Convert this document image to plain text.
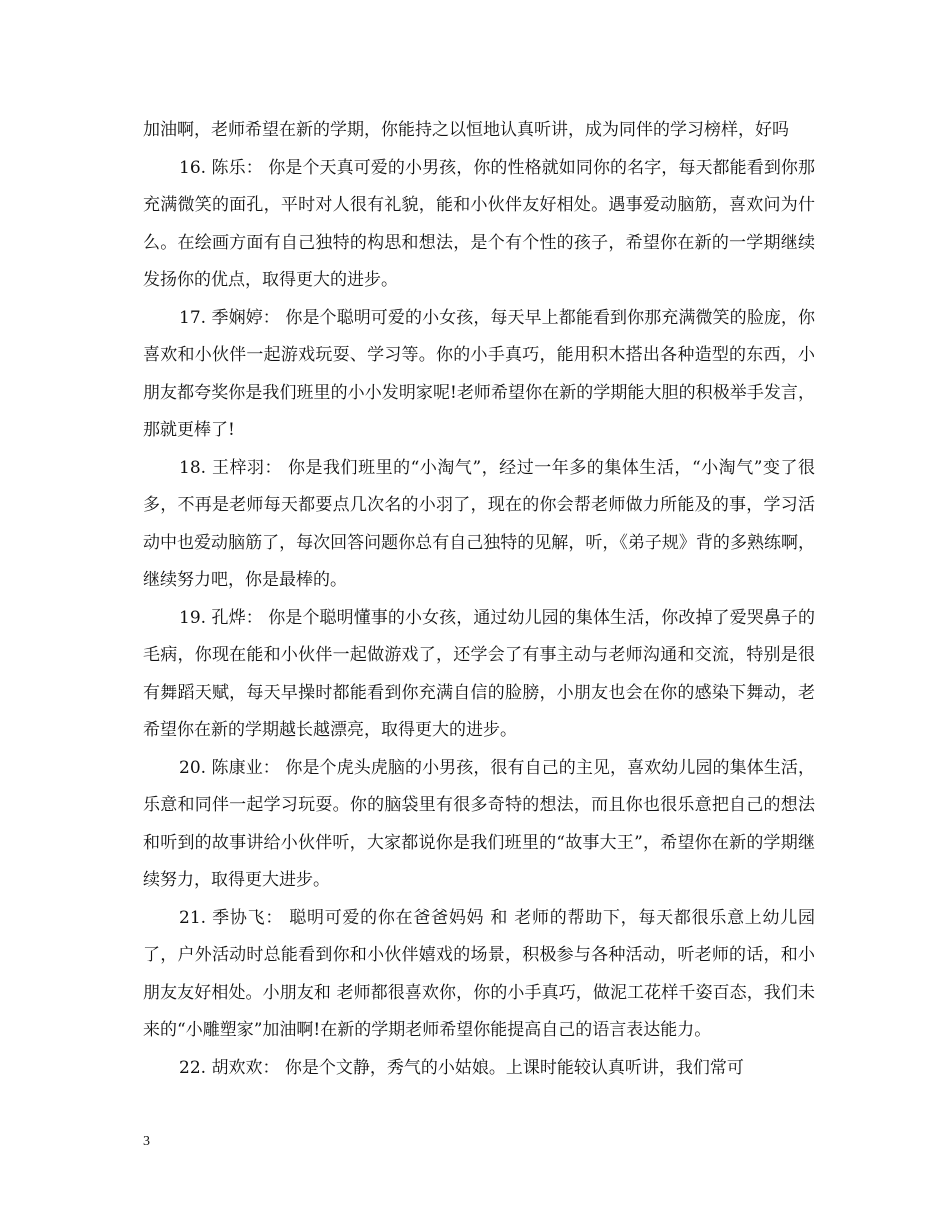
加油啊，老师希望在新的学期，你能持之以恒地认真听讲，成为同伴的学习榜样，好吗

16. 陈乐： 你是个天真可爱的小男孩，你的性格就如同你的名字，每天都能看到你那充满微笑的面孔，平时对人很有礼貌，能和小伙伴友好相处。遇事爱动脑筋，喜欢问为什么。在绘画方面有自己独特的构思和想法，是个有个性的孩子，希望你在新的一学期继续发扬你的优点，取得更大的进步。

17. 季娴婷： 你是个聪明可爱的小女孩，每天早上都能看到你那充满微笑的脸庞，你喜欢和小伙伴一起游戏玩耍、学习等。你的小手真巧，能用积木搭出各种造型的东西，小朋友都夸奖你是我们班里的小小发明家呢!老师希望你在新的学期能大胆的积极举手发言，那就更棒了!

18. 王梓羽： 你是我们班里的“小淘气”，经过一年多的集体生活，“小淘气”变了很多，不再是老师每天都要点几次名的小羽了，现在的你会帮老师做力所能及的事，学习活动中也爱动脑筋了，每次回答问题你总有自己独特的见解，听，《弟子规》背的多熟练啊，继续努力吧，你是最棒的。

19. 孔烨： 你是个聪明懂事的小女孩，通过幼儿园的集体生活，你改掉了爱哭鼻子的毛病，你现在能和小伙伴一起做游戏了，还学会了有事主动与老师沟通和交流，特别是很有舞蹈天赋，每天早操时都能看到你充满自信的脸膀，小朋友也会在你的感染下舞动，老希望你在新的学期越长越漂亮，取得更大的进步。

20. 陈康业： 你是个虎头虎脑的小男孩，很有自己的主见，喜欢幼儿园的集体生活，乐意和同伴一起学习玩耍。你的脑袋里有很多奇特的想法，而且你也很乐意把自己的想法和听到的故事讲给小伙伴听，大家都说你是我们班里的“故事大王”，希望你在新的学期继续努力，取得更大进步。

21. 季协飞： 聪明可爱的你在爸爸妈妈 和 老师的帮助下，每天都很乐意上幼儿园了，户外活动时总能看到你和小伙伴嬉戏的场景，积极参与各种活动，听老师的话，和小朋友友好相处。小朋友和 老师都很喜欢你，你的小手真巧，做泥工花样千姿百态，我们未来的“小雕塑家”加油啊!在新的学期老师希望你能提高自己的语言表达能力。

22. 胡欢欢： 你是个文静，秀气的小姑娘。上课时能较认真听讲，我们常可

3
